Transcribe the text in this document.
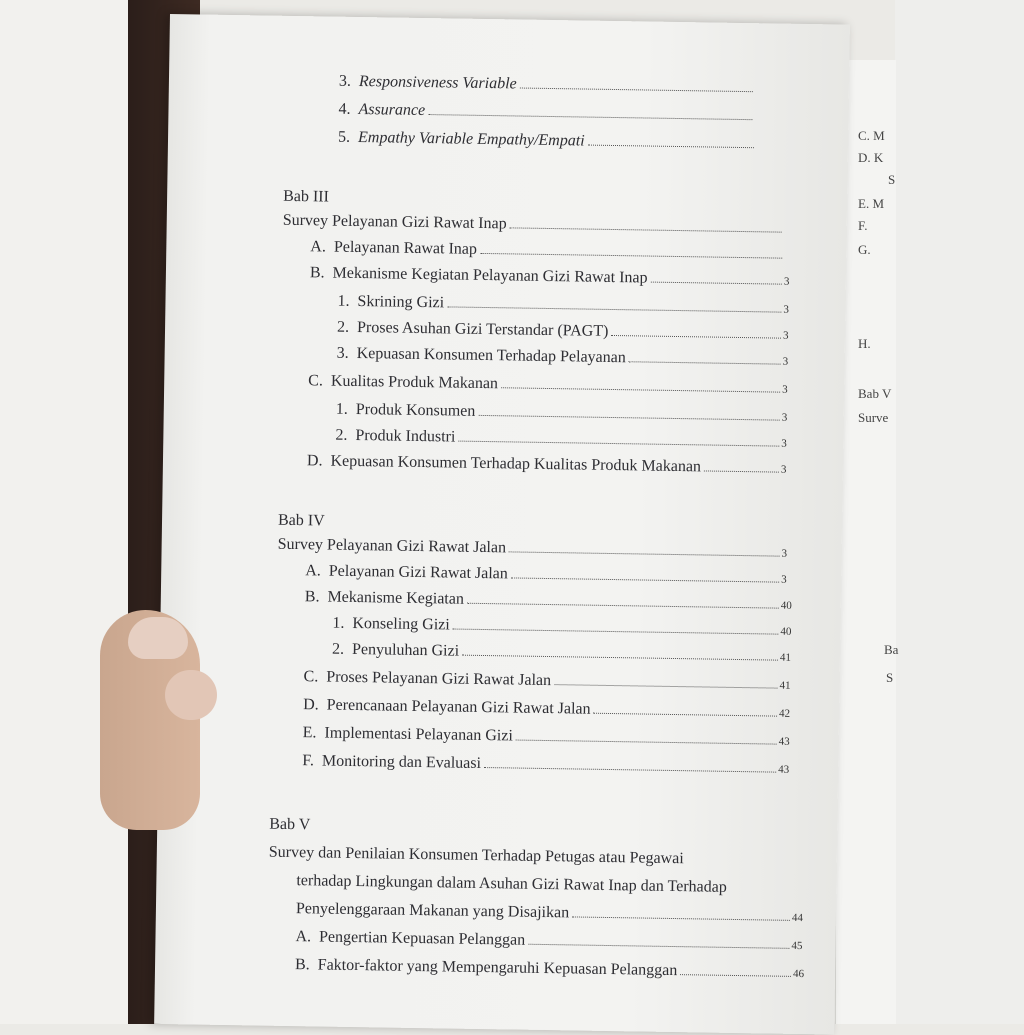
C. M
D. K
S
E. M
F.
G.
H.
Bab V
Surve
Ba
S
3. Responsiveness Variable
4. Assurance
5. Empathy Variable Empathy/Empati
Bab III
Survey Pelayanan Gizi Rawat Inap
A. Pelayanan Rawat Inap
B. Mekanisme Kegiatan Pelayanan Gizi Rawat Inap	3
1. Skrining Gizi	3
2. Proses Asuhan Gizi Terstandar (PAGT)	3
3. Kepuasan Konsumen Terhadap Pelayanan	3
C. Kualitas Produk Makanan	3
1. Produk Konsumen	3
2. Produk Industri	3
D. Kepuasan Konsumen Terhadap Kualitas Produk Makanan	3
Bab IV
Survey Pelayanan Gizi Rawat Jalan	3
A. Pelayanan Gizi Rawat Jalan	3
B. Mekanisme Kegiatan	40
1. Konseling Gizi	40
2. Penyuluhan Gizi	41
C. Proses Pelayanan Gizi Rawat Jalan	41
D. Perencanaan Pelayanan Gizi Rawat Jalan	42
E. Implementasi Pelayanan Gizi	43
F. Monitoring dan Evaluasi	43
Bab V
Survey dan Penilaian Konsumen Terhadap Petugas atau Pegawai
terhadap Lingkungan dalam Asuhan Gizi Rawat Inap dan Terhadap
Penyelenggaraan Makanan yang Disajikan	44
A. Pengertian Kepuasan Pelanggan	45
B. Faktor-faktor yang Mempengaruhi Kepuasan Pelanggan	46
